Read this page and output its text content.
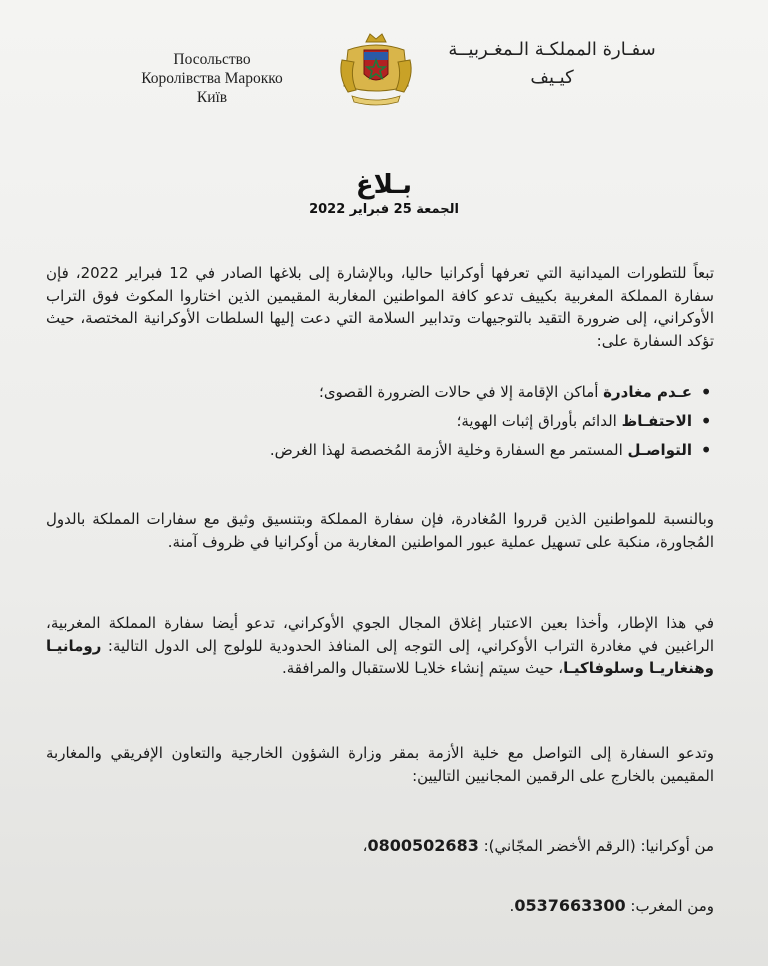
Посольство
Королівства Марокко
Київ
سفـارة المملكـة الـمغـربيــة
كيـيف
بـلاغ
الجمعة 25 فبراير 2022

تبعاً للتطورات الميدانية التي تعرفها أوكرانيا حاليا، وبالإشارة إلى بلاغها الصادر في 12 فبراير 2022، فإن سفارة المملكة المغربية بكييف تدعو كافة المواطنين المغاربة المقيمين الذين اختاروا المكوث فوق التراب الأوكراني، إلى ضرورة التقيد بالتوجيهات وتدابير السلامة التي دعت إليها السلطات الأوكرانية المختصة، حيث تؤكد السفارة على:

• عـدم مغادرة أماكن الإقامة إلا في حالات الضرورة القصوى؛
• الاحتفـاظ الدائم بأوراق إثبات الهوية؛
• التواصـل المستمر مع السفارة وخلية الأزمة المُخصصة لهذا الغرض.

وبالنسبة للمواطنين الذين قرروا المُغادرة، فإن سفارة المملكة وبتنسيق وثيق مع سفارات المملكة بالدول المُجاورة، منكبة على تسهيل عملية عبور المواطنين المغاربة من أوكرانيا في ظروف آمنة.

في هذا الإطار، وأخذا بعين الاعتبار إغلاق المجال الجوي الأوكراني، تدعو أيضا سفارة المملكة المغربية، الراغبين في مغادرة التراب الأوكراني، إلى التوجه إلى المنافذ الحدودية للولوج إلى الدول التالية: رومانيـا وهنغاريـا وسلوفاكيـا، حيث سيتم إنشاء خلايـا للاستقبال والمرافقة.

وتدعو السفارة إلى التواصل مع خلية الأزمة بمقر وزارة الشؤون الخارجية والتعاون الإفريقي والمغاربة المقيمين بالخارج على الرقمين المجانيين التاليين:

من أوكرانيا: (الرقم الأخضر المجّاني): 0800502683،
ومن المغرب: 0537663300.
